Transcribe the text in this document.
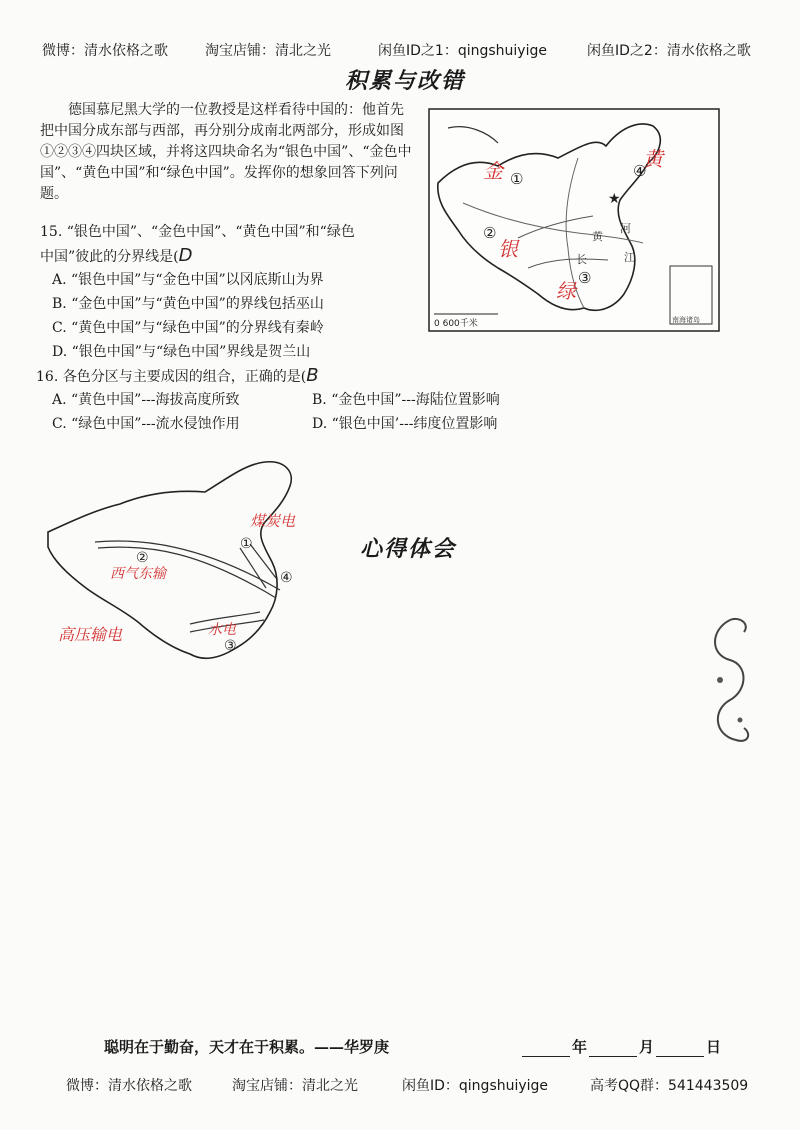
微博：清水依格之歌	淘宝店铺：清北之光	闲鱼ID之1：qingshuiyige	闲鱼ID之2：清水依格之歌
积累与改错
德国慕尼黑大学的一位教授是这样看待中国的：他首先把中国分成东部与西部，再分别分成南北两部分，形成如图①②③④四块区域，并将这四块命名为“银色中国”、“金色中国”、“黄色中国”和“绿色中国”。发挥你的想象回答下列问题。
15. “银色中国”、“金色中国”、“黄色中国”和“绿色
中国”彼此的分界线是(D
A. “银色中国”与“金色中国”以冈底斯山为界
B. “金色中国”与“黄色中国”的界线包括巫山
C. “黄色中国”与“绿色中国”的分界线有秦岭
D. “银色中国”与“绿色中国”界线是贺兰山
16. 各色分区与主要成因的组合，正确的是(B
A. “黄色中国”---海拔高度所致	B. “金色中国”---海陆位置影响
C. “绿色中国”---流水侵蚀作用	D. “银色中国’---纬度位置影响
★
①
②
③
④
黄
河
长	江
金
银
黄
绿
南海诸岛
0 600千米
①
②
③
④
煤炭电
西气东输
水电
高压输电
心得体会
聪明在于勤奋，天才在于积累。——华罗庚	年	月	日
微博：清水依格之歌	淘宝店铺：清北之光	闲鱼ID：qingshuiyige	高考QQ群：541443509
